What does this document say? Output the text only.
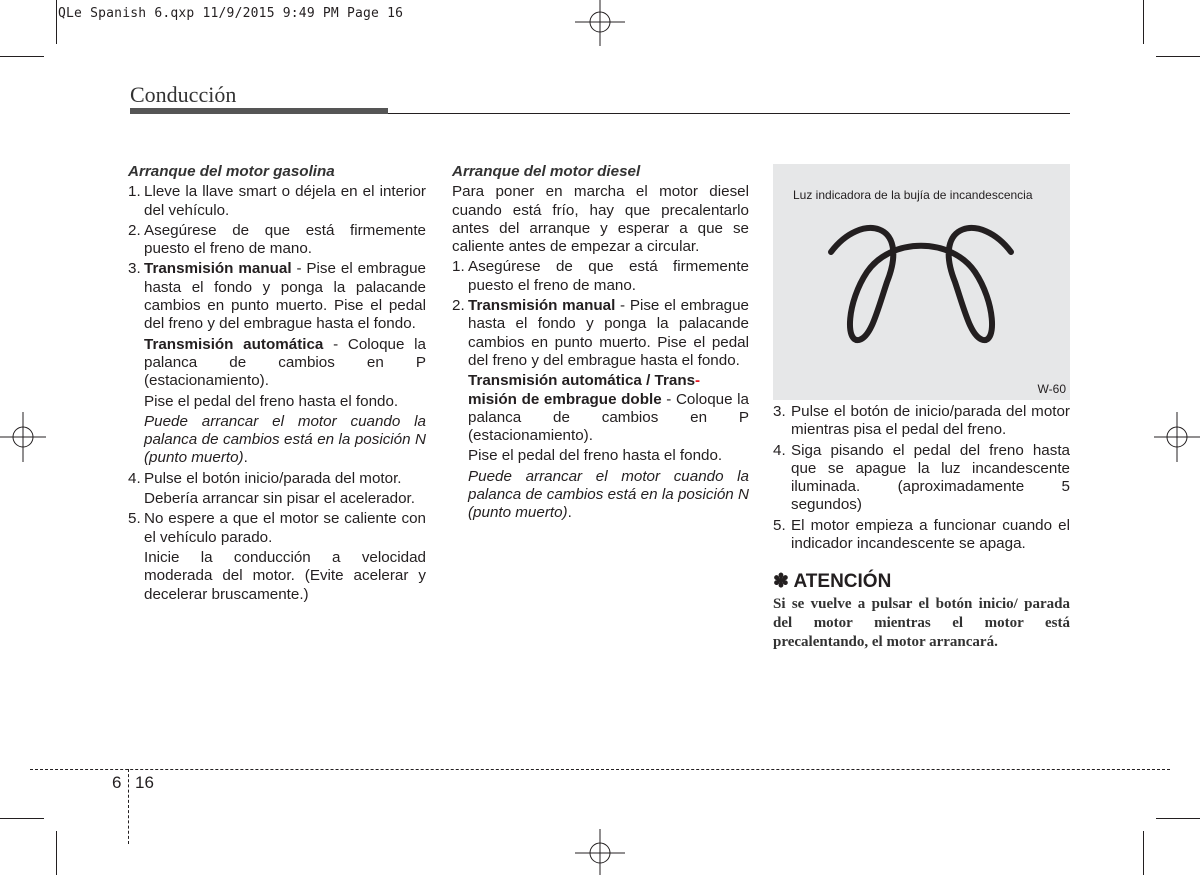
QLe Spanish 6.qxp 11/9/2015 9:49 PM Page 16
Conducción
Arranque del motor gasolina
1. Lleve la llave smart o déjela en el interior del vehículo.
2. Asegúrese de que está firmemente puesto el freno de mano.
3. Transmisión manual - Pise el embrague hasta el fondo y ponga la palacande cambios en punto muerto. Pise el pedal del freno y del embrague hasta el fondo.
Transmisión automática - Coloque la palanca de cambios en P (estacionamiento).
Pise el pedal del freno hasta el fondo.
Puede arrancar el motor cuando la palanca de cambios está en la posición N (punto muerto).
4. Pulse el botón inicio/parada del motor.
Debería arrancar sin pisar el acelerador.
5. No espere a que el motor se caliente con el vehículo parado.
Inicie la conducción a velocidad moderada del motor. (Evite acelerar y decelerar bruscamente.)
Arranque del motor diesel

Para poner en marcha el motor diesel cuando está frío, hay que precalentarlo antes del arranque y esperar a que se caliente antes de empezar a circular.

1. Asegúrese de que está firmemente puesto el freno de mano.
2. Transmisión manual - Pise el embrague hasta el fondo y ponga la palacande cambios en punto muerto. Pise el pedal del freno y del embrague hasta el fondo.
Transmisión automática / Trans-
misión de embrague doble - Coloque la palanca de cambios en P (estacionamiento).
Pise el pedal del freno hasta el fondo.
Puede arrancar el motor cuando la palanca de cambios está en la posición N (punto muerto).
Luz indicadora de la bujía de incandescencia
W-60
3. Pulse el botón de inicio/parada del motor mientras pisa el pedal del freno.
4. Siga pisando el pedal del freno hasta que se apague la luz incandescente iluminada. (aproximadamente 5 segundos)
5. El motor empieza a funcionar cuando el indicador incandescente se apaga.
✽ ATENCIÓN
Si se vuelve a pulsar el botón inicio/ parada del motor mientras el motor está precalentando, el motor arrancará.
6 16
